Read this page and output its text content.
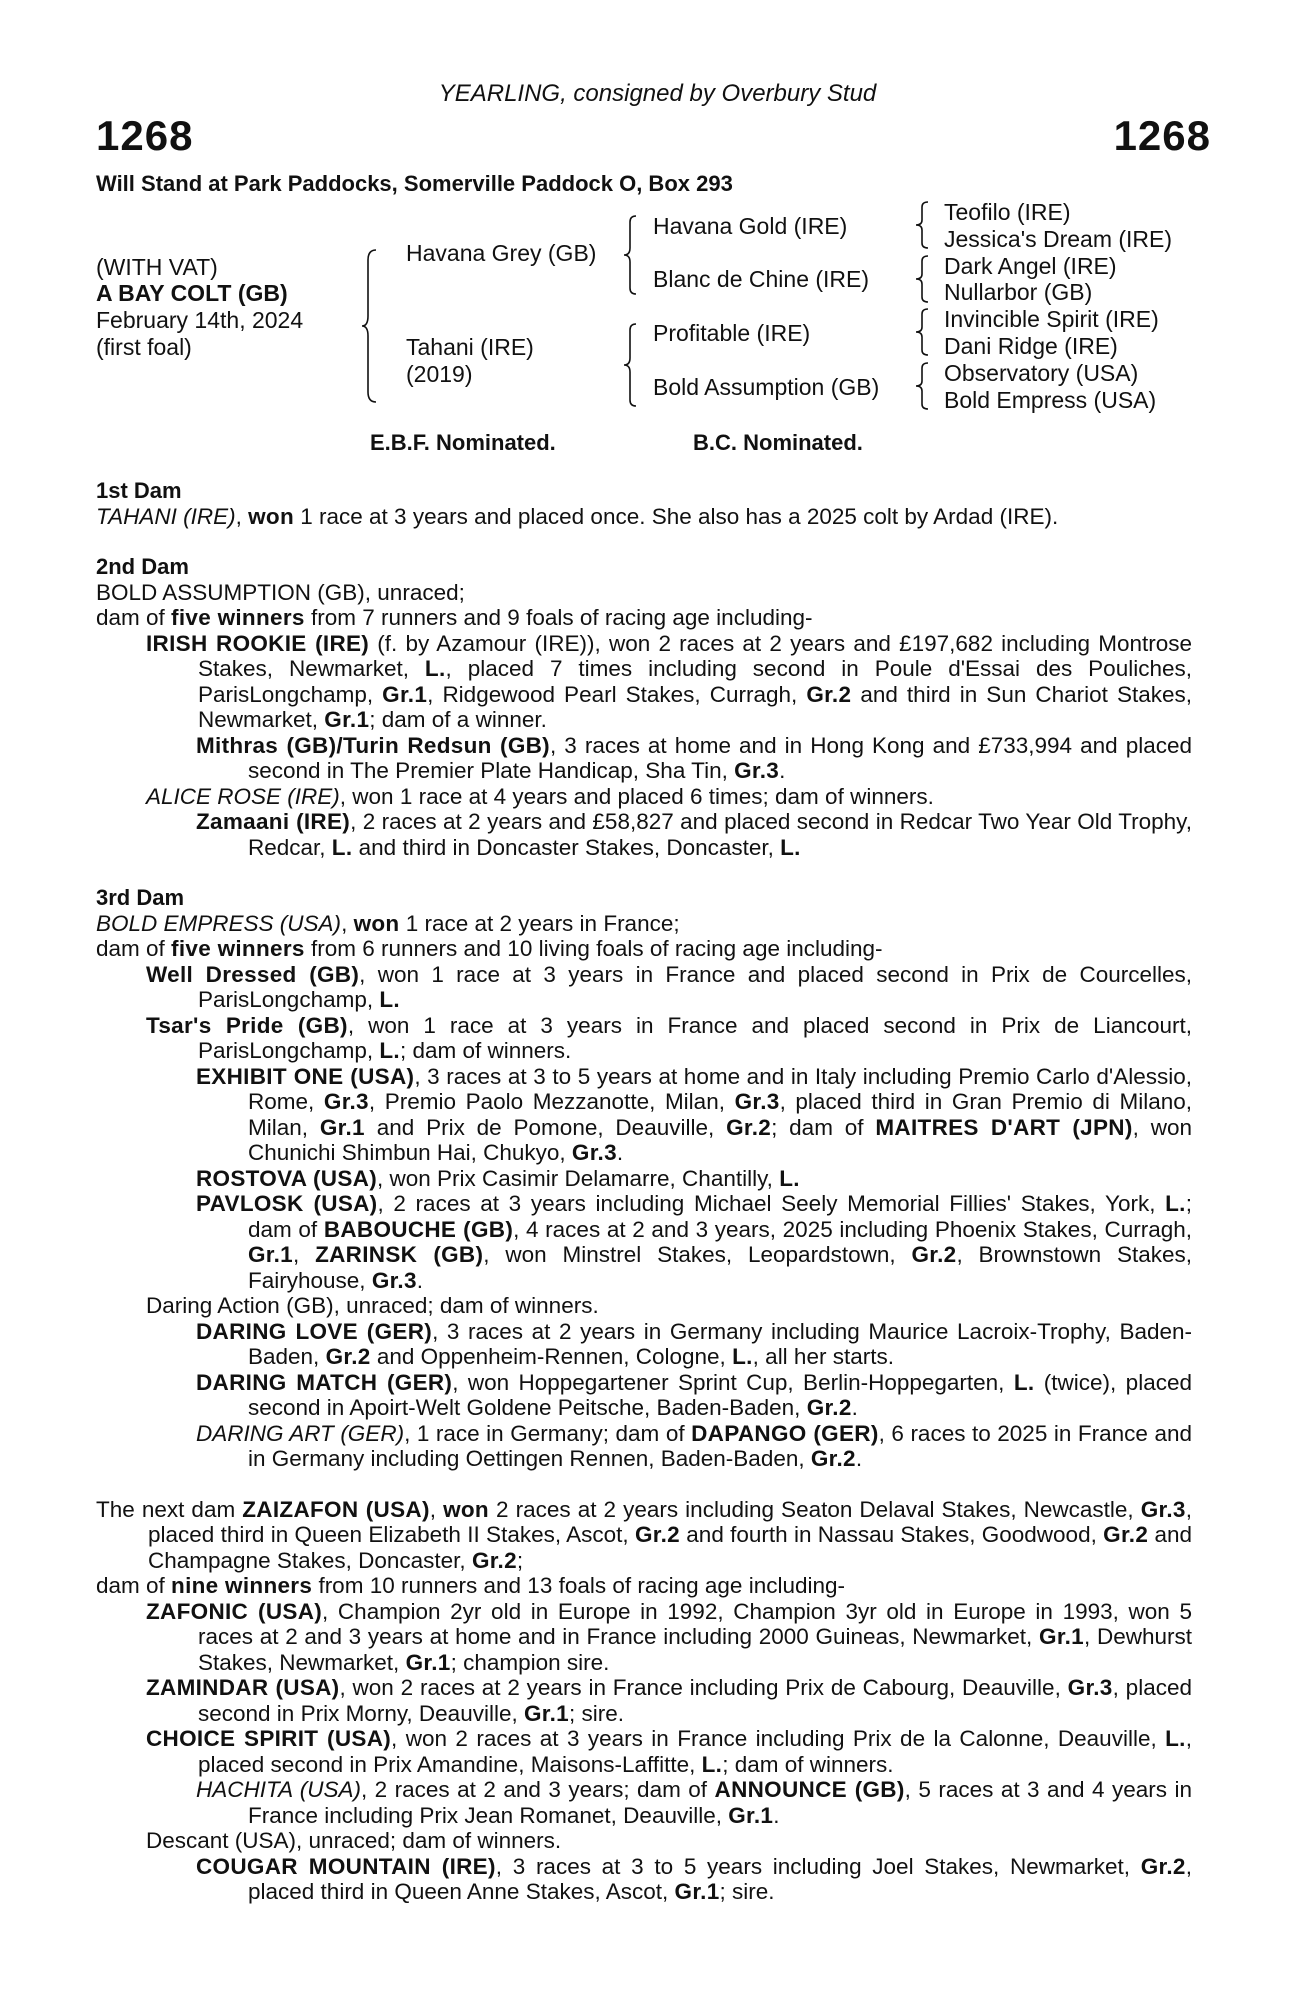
YEARLING, consigned by Overbury Stud
1268	1268
Will Stand at Park Paddocks, Somerville Paddock O, Box 293
(WITH VAT)
A BAY COLT (GB)
February 14th, 2024
(first foal)
Havana Grey (GB)
Tahani (IRE)
(2019)
Havana Gold (IRE)
Blanc de Chine (IRE)
Profitable (IRE)
Bold Assumption (GB)
Teofilo (IRE)
Jessica's Dream (IRE)
Dark Angel (IRE)
Nullarbor (GB)
Invincible Spirit (IRE)
Dani Ridge (IRE)
Observatory (USA)
Bold Empress (USA)
E.B.F. Nominated.	B.C. Nominated.
1st Dam
TAHANI (IRE), won 1 race at 3 years and placed once. She also has a 2025 colt by Ardad (IRE).
2nd Dam
BOLD ASSUMPTION (GB), unraced;
dam of five winners from 7 runners and 9 foals of racing age including-
IRISH ROOKIE (IRE) (f. by Azamour (IRE)), won 2 races at 2 years and £197,682 including Montrose Stakes, Newmarket, L., placed 7 times including second in Poule d'Essai des Pouliches, ParisLongchamp, Gr.1, Ridgewood Pearl Stakes, Curragh, Gr.2 and third in Sun Chariot Stakes, Newmarket, Gr.1; dam of a winner.
Mithras (GB)/Turin Redsun (GB), 3 races at home and in Hong Kong and £733,994 and placed second in The Premier Plate Handicap, Sha Tin, Gr.3.
ALICE ROSE (IRE), won 1 race at 4 years and placed 6 times; dam of winners.
Zamaani (IRE), 2 races at 2 years and £58,827 and placed second in Redcar Two Year Old Trophy, Redcar, L. and third in Doncaster Stakes, Doncaster, L.
3rd Dam
BOLD EMPRESS (USA), won 1 race at 2 years in France;
dam of five winners from 6 runners and 10 living foals of racing age including-
Well Dressed (GB), won 1 race at 3 years in France and placed second in Prix de Courcelles, ParisLongchamp, L.
Tsar's Pride (GB), won 1 race at 3 years in France and placed second in Prix de Liancourt, ParisLongchamp, L.; dam of winners.
EXHIBIT ONE (USA), 3 races at 3 to 5 years at home and in Italy including Premio Carlo d'Alessio, Rome, Gr.3, Premio Paolo Mezzanotte, Milan, Gr.3, placed third in Gran Premio di Milano, Milan, Gr.1 and Prix de Pomone, Deauville, Gr.2; dam of MAITRES D'ART (JPN), won Chunichi Shimbun Hai, Chukyo, Gr.3.
ROSTOVA (USA), won Prix Casimir Delamarre, Chantilly, L.
PAVLOSK (USA), 2 races at 3 years including Michael Seely Memorial Fillies' Stakes, York, L.; dam of BABOUCHE (GB), 4 races at 2 and 3 years, 2025 including Phoenix Stakes, Curragh, Gr.1, ZARINSK (GB), won Minstrel Stakes, Leopardstown, Gr.2, Brownstown Stakes, Fairyhouse, Gr.3.
Daring Action (GB), unraced; dam of winners.
DARING LOVE (GER), 3 races at 2 years in Germany including Maurice Lacroix-Trophy, Baden-Baden, Gr.2 and Oppenheim-Rennen, Cologne, L., all her starts.
DARING MATCH (GER), won Hoppegartener Sprint Cup, Berlin-Hoppegarten, L. (twice), placed second in Apoirt-Welt Goldene Peitsche, Baden-Baden, Gr.2.
DARING ART (GER), 1 race in Germany; dam of DAPANGO (GER), 6 races to 2025 in France and in Germany including Oettingen Rennen, Baden-Baden, Gr.2.
The next dam ZAIZAFON (USA), won 2 races at 2 years including Seaton Delaval Stakes, Newcastle, Gr.3, placed third in Queen Elizabeth II Stakes, Ascot, Gr.2 and fourth in Nassau Stakes, Goodwood, Gr.2 and Champagne Stakes, Doncaster, Gr.2;
dam of nine winners from 10 runners and 13 foals of racing age including-
ZAFONIC (USA), Champion 2yr old in Europe in 1992, Champion 3yr old in Europe in 1993, won 5 races at 2 and 3 years at home and in France including 2000 Guineas, Newmarket, Gr.1, Dewhurst Stakes, Newmarket, Gr.1; champion sire.
ZAMINDAR (USA), won 2 races at 2 years in France including Prix de Cabourg, Deauville, Gr.3, placed second in Prix Morny, Deauville, Gr.1; sire.
CHOICE SPIRIT (USA), won 2 races at 3 years in France including Prix de la Calonne, Deauville, L., placed second in Prix Amandine, Maisons-Laffitte, L.; dam of winners.
HACHITA (USA), 2 races at 2 and 3 years; dam of ANNOUNCE (GB), 5 races at 3 and 4 years in France including Prix Jean Romanet, Deauville, Gr.1.
Descant (USA), unraced; dam of winners.
COUGAR MOUNTAIN (IRE), 3 races at 3 to 5 years including Joel Stakes, Newmarket, Gr.2, placed third in Queen Anne Stakes, Ascot, Gr.1; sire.
